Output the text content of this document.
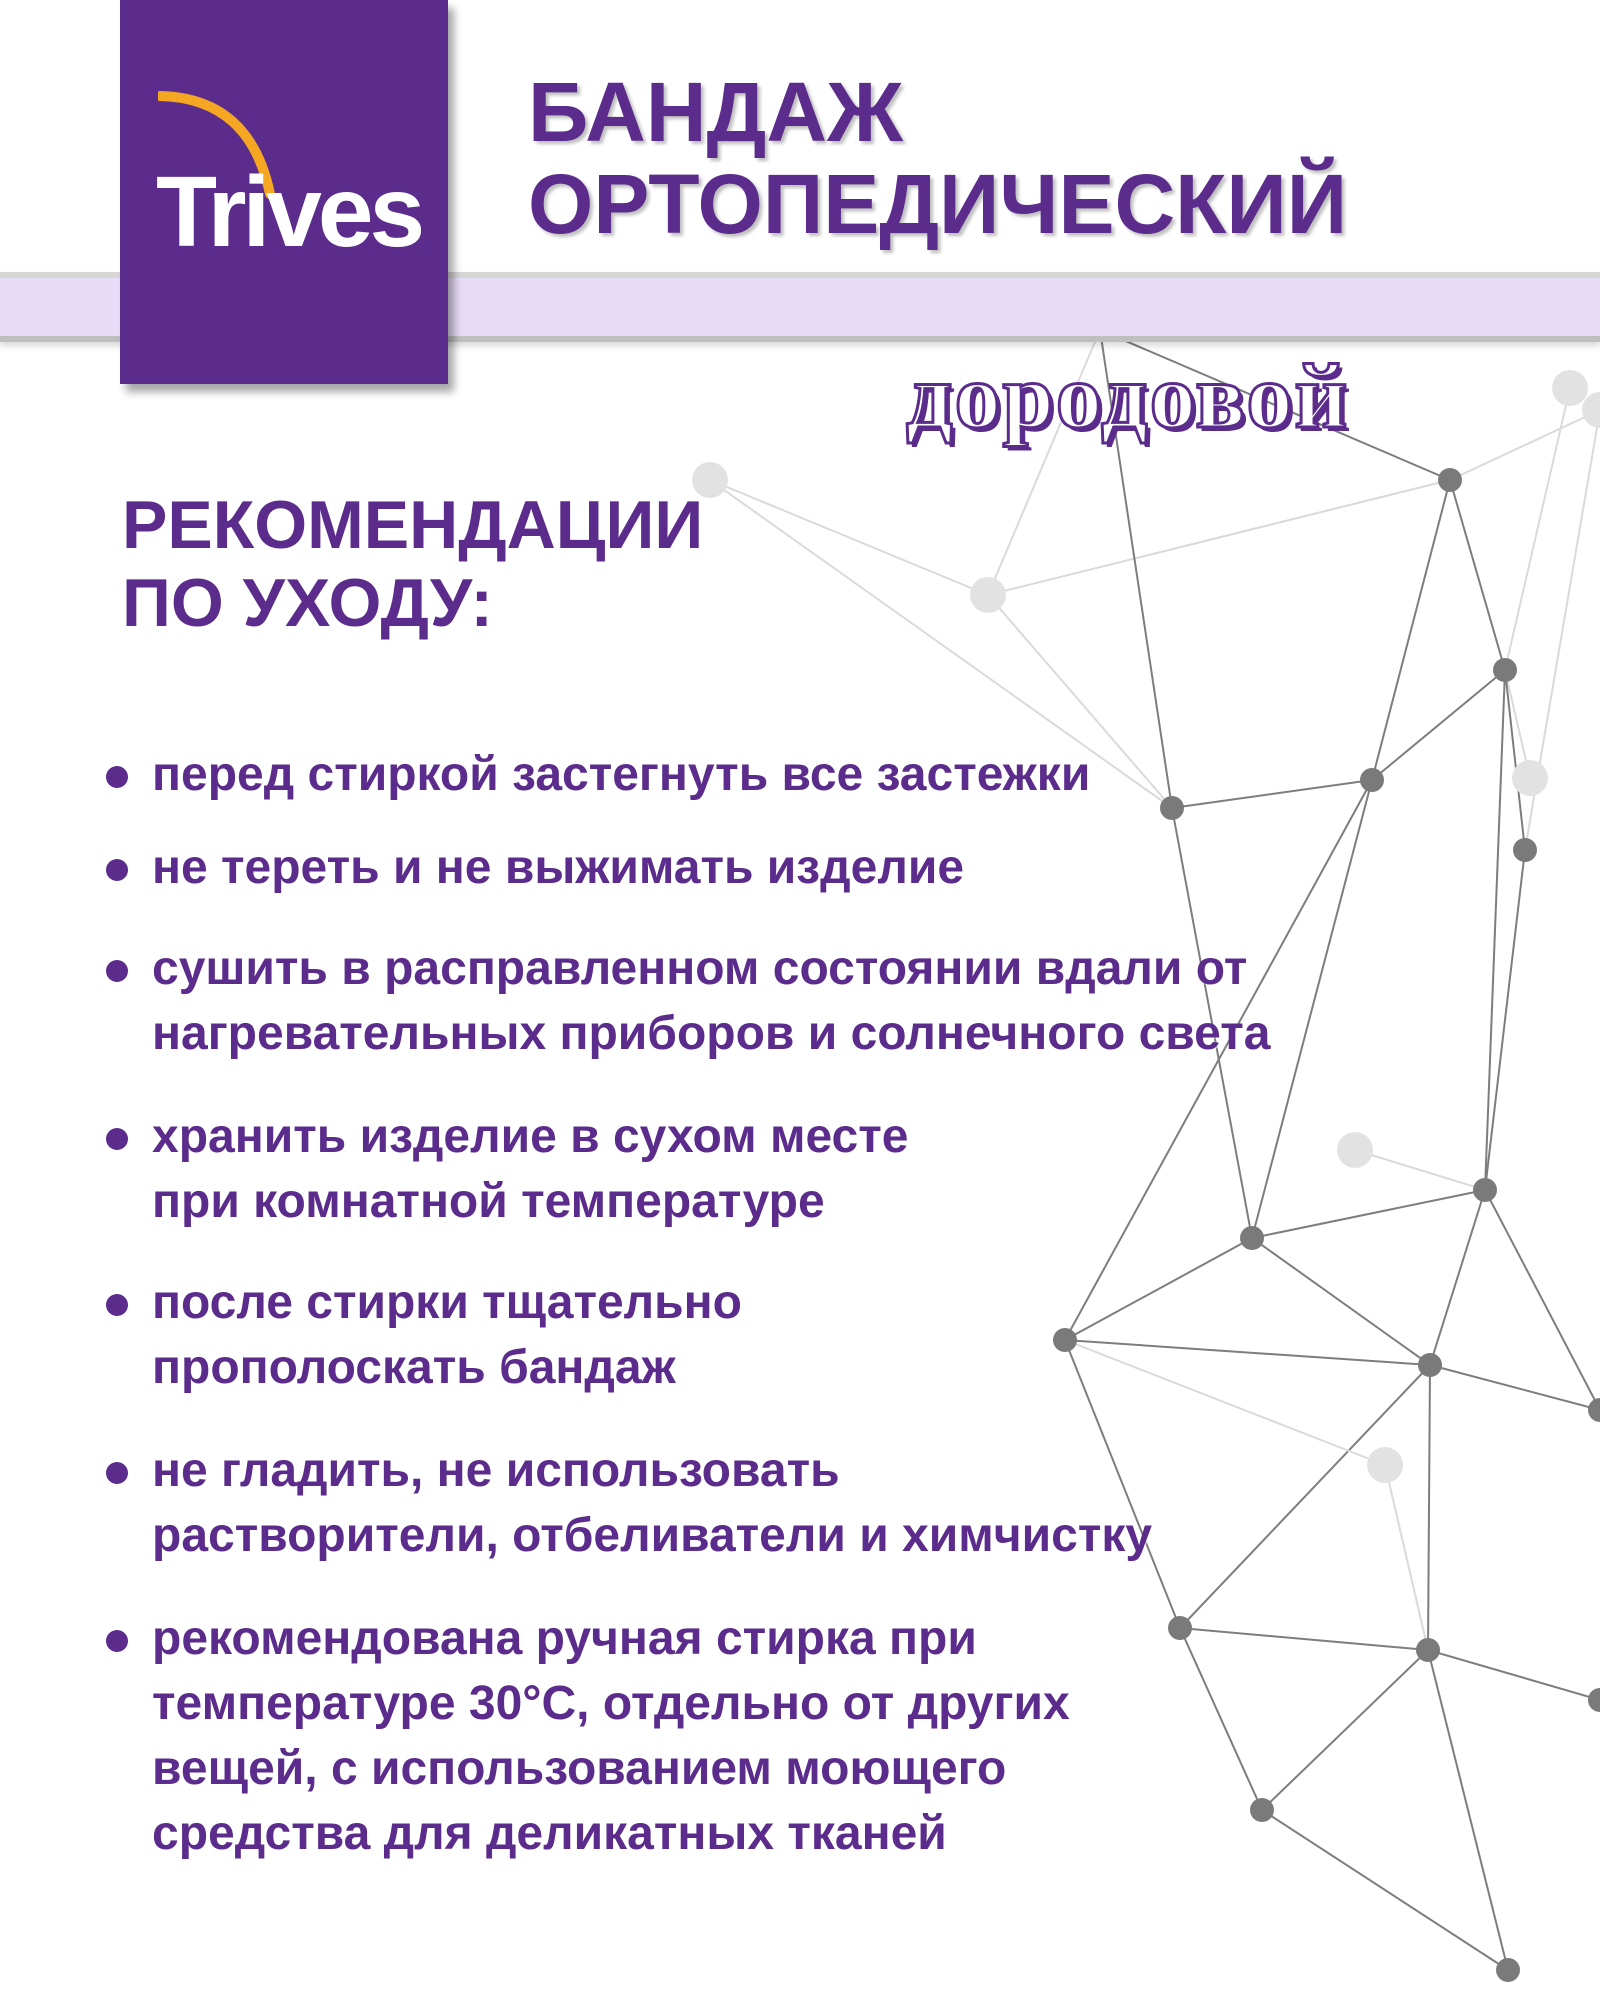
Trives
БАНДАЖ
ОРТОПЕДИЧЕСКИЙ
дородовой
РЕКОМЕНДАЦИИ
ПО УХОДУ:
перед стиркой застегнуть все застежки
не тереть и не выжимать изделие
сушить в расправленном состоянии вдали от
нагревательных приборов и солнечного света
хранить изделие в сухом месте
при комнатной температуре
после стирки тщательно
прополоскать бандаж
не гладить, не использовать
растворители, отбеливатели и химчистку
рекомендована ручная стирка при
температуре 30°C, отдельно от других
вещей, с использованием моющего
средства для деликатных тканей
